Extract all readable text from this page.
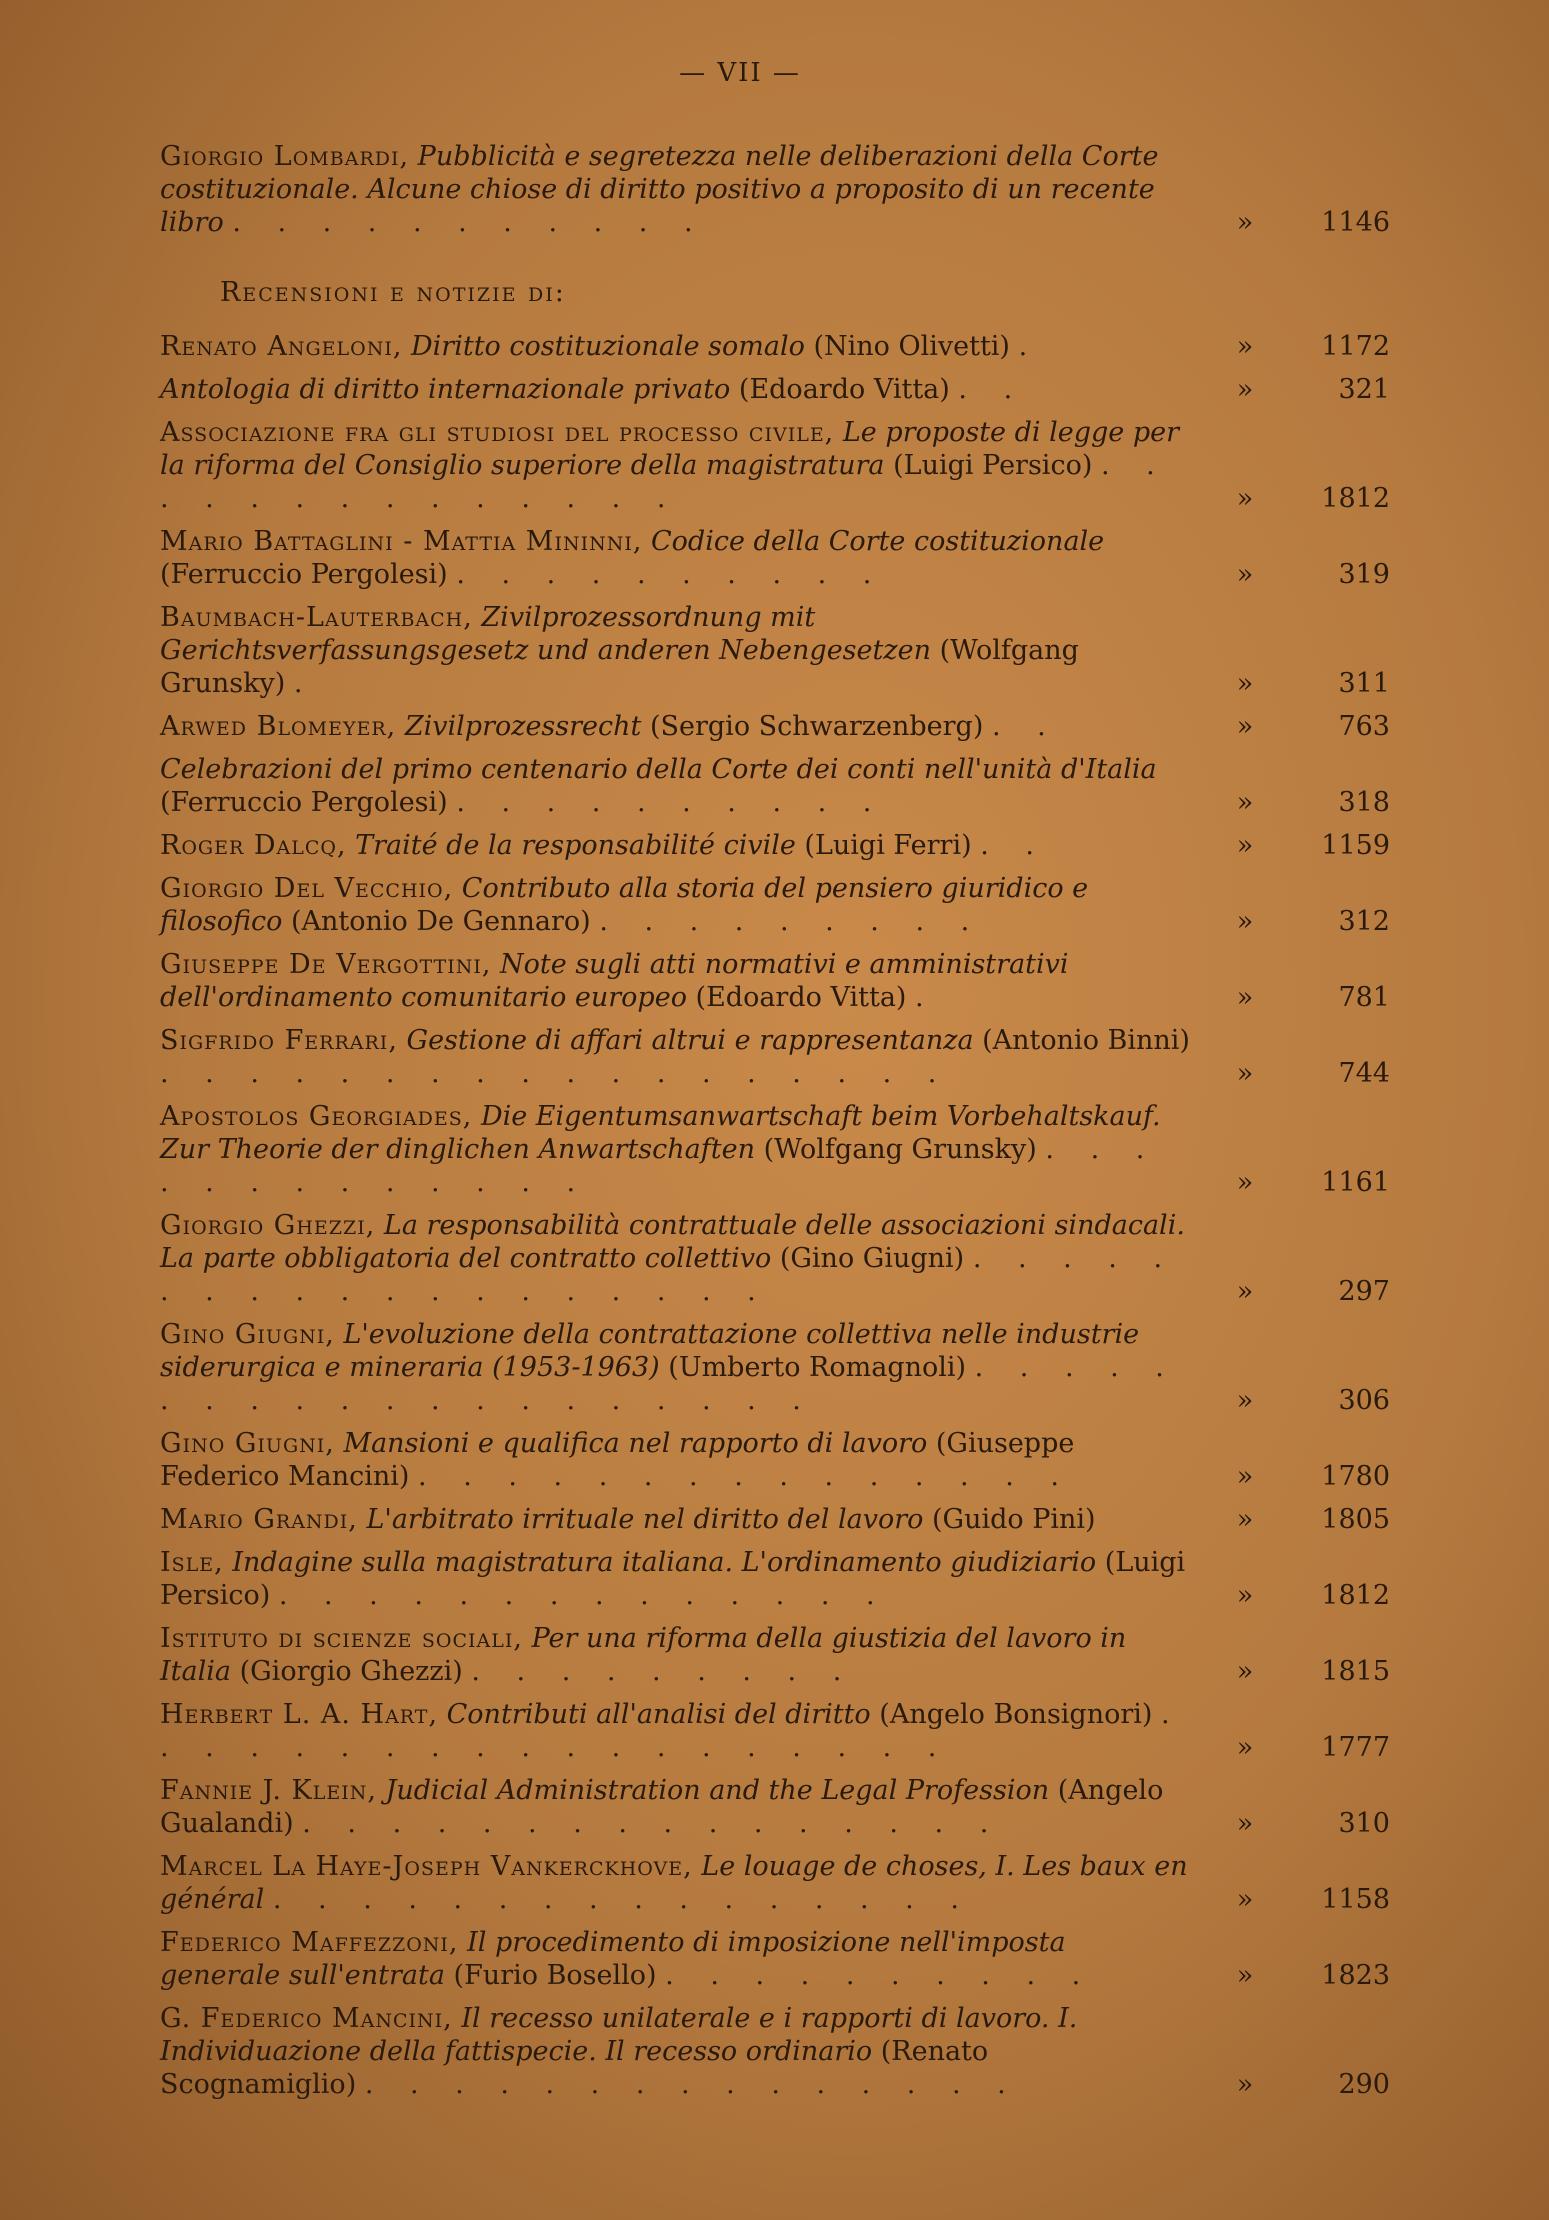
— VII —
Giorgio Lombardi, Pubblicità e segretezza nelle deliberazioni della Corte costituzionale. Alcune chiose di diritto positivo a proposito di un recente libro . . . . . . . . . . .	»	1146
Recensioni e notizie di:
Renato Angeloni, Diritto costituzionale somalo (Nino Olivetti) .	»	1172
Antologia di diritto internazionale privato (Edoardo Vitta) . .	»	321
Associazione fra gli studiosi del processo civile, Le proposte di legge per la riforma del Consiglio superiore della magistratura (Luigi Persico) . . . . . . . . . . . . . .	»	1812
Mario Battaglini - Mattia Mininni, Codice della Corte costituzionale (Ferruccio Pergolesi) . . . . . . . . . .	»	319
Baumbach-Lauterbach, Zivilprozessordnung mit Gerichtsverfassungsgesetz und anderen Nebengesetzen (Wolfgang Grunsky) .	»	311
Arwed Blomeyer, Zivilprozessrecht (Sergio Schwarzenberg) . .	»	763
Celebrazioni del primo centenario della Corte dei conti nell'unità d'Italia (Ferruccio Pergolesi) . . . . . . . . . .	»	318
Roger Dalcq, Traité de la responsabilité civile (Luigi Ferri) . .	»	1159
Giorgio Del Vecchio, Contributo alla storia del pensiero giuridico e filosofico (Antonio De Gennaro) . . . . . . . . .	»	312
Giuseppe De Vergottini, Note sugli atti normativi e amministrativi dell'ordinamento comunitario europeo (Edoardo Vitta) .	»	781
Sigfrido Ferrari, Gestione di affari altrui e rappresentanza (Antonio Binni) . . . . . . . . . . . . . . . . . .	»	744
Apostolos Georgiades, Die Eigentumsanwartschaft beim Vorbehaltskauf. Zur Theorie der dinglichen Anwartschaften (Wolfgang Grunsky) . . . . . . . . . . . . .	»	1161
Giorgio Ghezzi, La responsabilità contrattuale delle associazioni sindacali. La parte obbligatoria del contratto collettivo (Gino Giugni) . . . . . . . . . . . . . . . . . . .	»	297
Gino Giugni, L'evoluzione della contrattazione collettiva nelle industrie siderurgica e mineraria (1953-1963) (Umberto Romagnoli) . . . . . . . . . . . . . . . . . . . .	»	306
Gino Giugni, Mansioni e qualifica nel rapporto di lavoro (Giuseppe Federico Mancini) . . . . . . . . . . . . . . .	»	1780
Mario Grandi, L'arbitrato irrituale nel diritto del lavoro (Guido Pini)	»	1805
Isle, Indagine sulla magistratura italiana. L'ordinamento giudiziario (Luigi Persico) . . . . . . . . . . . . . .	»	1812
Istituto di scienze sociali, Per una riforma della giustizia del lavoro in Italia (Giorgio Ghezzi) . . . . . . . . .	»	1815
Herbert L. A. Hart, Contributi all'analisi del diritto (Angelo Bonsignori) . . . . . . . . . . . . . . . . . . .	»	1777
Fannie J. Klein, Judicial Administration and the Legal Profession (Angelo Gualandi) . . . . . . . . . . . . . . . .	»	310
Marcel La Haye-Joseph Vankerckhove, Le louage de choses, I. Les baux en général . . . . . . . . . . . . . . . .	»	1158
Federico Maffezzoni, Il procedimento di imposizione nell'imposta generale sull'entrata (Furio Bosello) . . . . . . . . . .	»	1823
G. Federico Mancini, Il recesso unilaterale e i rapporti di lavoro. I. Individuazione della fattispecie. Il recesso ordinario (Renato Scognamiglio) . . . . . . . . . . . . . . .	»	290
